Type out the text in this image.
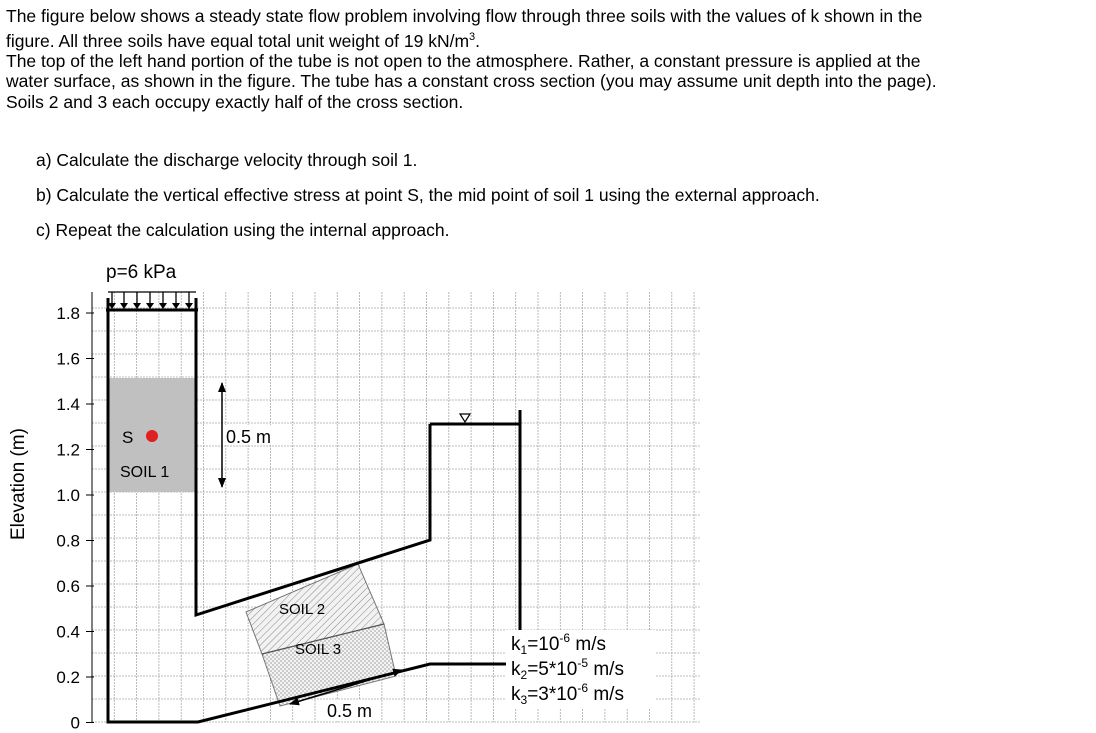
The figure below shows a steady state flow problem involving flow through three soils with the values of k shown in the

figure. All three soils have equal total unit weight of 19 $kN/m^3$.

The top of the left hand portion of the tube is not open to the atmosphere. Rather, a constant pressure is applied at the

water surface, as shown in the figure. The tube has a constant cross section (you may assume unit depth into the page).

Soils 2 and 3 each occupy exactly half of the cross section.

a) Calculate the discharge velocity through soil 1.
b) Calculate the vertical effective stress at point S, the mid point of soil 1 using the external approach.
c) Repeat the calculation using the internal approach.
p=6 kPa
S
SOIL 1
0.5 m
SOIL 2
SOIL 3
0.5 m
$k_1=10^{-6}$ m/s
$k_2=5*10^{-5}$ m/s
$k_3=3*10^{-6}$ m/s
1.8
1.6
1.4
1.2
1.0
0.8
0.6
0.4
0.2
0
Elevation (m)
